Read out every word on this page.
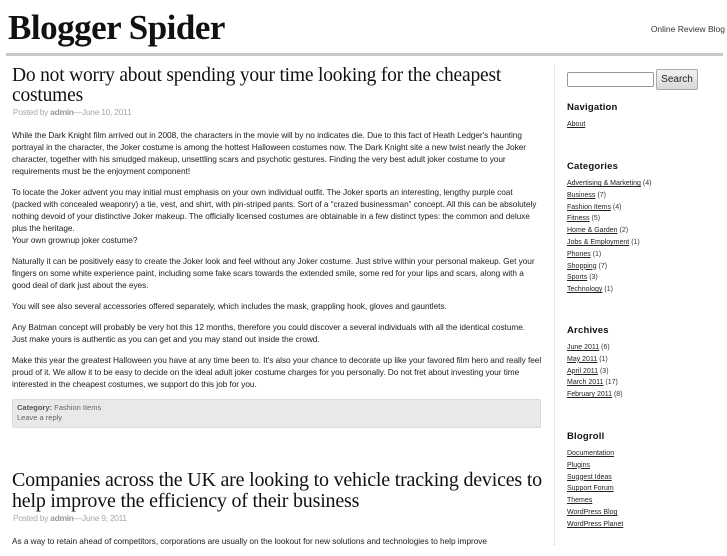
Blogger Spider	Online Review Blog
Do not worry about spending your time looking for the cheapest costumes
Posted by admin—June 10, 2011

While the Dark Knight film arrived out in 2008, the characters in the movie will by no indicates die. Due to this fact of Heath Ledger's haunting portrayal in the character, the Joker costume is among the hottest Halloween costumes now. The Dark Knight site a new twist nearly the Joker character, together with his smudged makeup, unsettling scars and psychotic gestures. Finding the very best adult joker costume to your requirements must be the enjoyment component!

To locate the Joker advent you may initial must emphasis on your own individual outfit. The Joker sports an interesting, lengthy purple coat (packed with concealed weaponry) a tie, vest, and shirt, with pin-striped pants. Sort of a “crazed businessman” concept. All this can be absolutely nothing devoid of your distinctive Joker makeup. The officially licensed costumes are obtainable in a few distinct types: the common and deluxe plus the heritage.
Your own grownup joker costume?

Naturally it can be positively easy to create the Joker look and feel without any Joker costume. Just strive within your personal makeup. Get your fingers on some white experience paint, including some fake scars towards the extended smile, some red for your lips and scars, along with a good deal of dark just about the eyes.

You will see also several accessories offered separately, which includes the mask, grappling hook, gloves and gauntlets.

Any Batman concept will probably be very hot this 12 months, therefore you could discover a several individuals with all the identical costume. Just make yours is authentic as you can get and you may stand out inside the crowd.

Make this year the greatest Halloween you have at any time been to. It's also your chance to decorate up like your favored film hero and really feel proud of it. We allow it to be easy to decide on the ideal adult joker costume charges for you personally. Do not fret about investing your time interested in the cheapest costumes, we support do this job for you.

Category: Fashion Items
Leave a reply
Companies across the UK are looking to vehicle tracking devices to help improve the efficiency of their business
Posted by admin—June 9, 2011

As a way to retain ahead of competitors, corporations are usually on the lookout for new solutions and technologies to help improve

Search
Navigation
About
Categories
Advertising & Marketing (4)
Business (7)
Fashion Items (4)
Fitness (5)
Home & Garden (2)
Jobs & Employment (1)
Phones (1)
Shopping (7)
Sports (3)
Technology (1)
Archives
June 2011 (6)
May 2011 (1)
April 2011 (3)
March 2011 (17)
February 2011 (8)
Blogroll
Documentation
Plugins
Suggest Ideas
Support Forum
Themes
WordPress Blog
WordPress Planet
